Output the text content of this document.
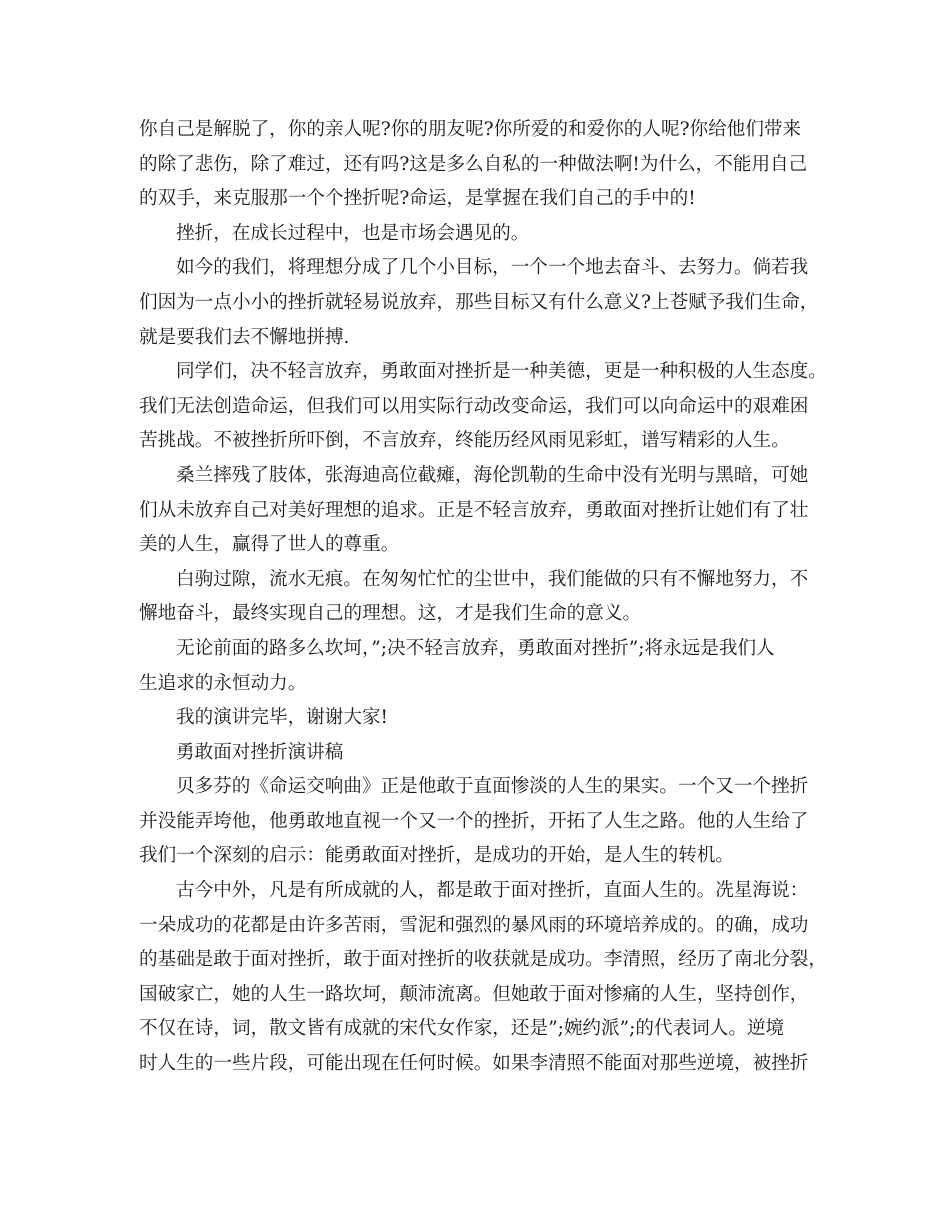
你自己是解脱了，你的亲人呢?你的朋友呢?你所爱的和爱你的人呢?你给他们带来
的除了悲伤，除了难过，还有吗?这是多么自私的一种做法啊!为什么，不能用自己
的双手，来克服那一个个挫折呢?命运，是掌握在我们自己的手中的!
挫折，在成长过程中，也是市场会遇见的。
如今的我们，将理想分成了几个小目标，一个一个地去奋斗、去努力。倘若我
们因为一点小小的挫折就轻易说放弃，那些目标又有什么意义?上苍赋予我们生命，
就是要我们去不懈地拼搏.
同学们，决不轻言放弃，勇敢面对挫折是一种美德，更是一种积极的人生态度。
我们无法创造命运，但我们可以用实际行动改变命运，我们可以向命运中的艰难困
苦挑战。不被挫折所吓倒，不言放弃，终能历经风雨见彩虹，谱写精彩的人生。
桑兰摔残了肢体，张海迪高位截瘫，海伦凯勒的生命中没有光明与黑暗，可她
们从未放弃自己对美好理想的追求。正是不轻言放弃，勇敢面对挫折让她们有了壮
美的人生，赢得了世人的尊重。
白驹过隙，流水无痕。在匆匆忙忙的尘世中，我们能做的只有不懈地努力，不
懈地奋斗，最终实现自己的理想。这，才是我们生命的意义。
无论前面的路多么坎坷，”;决不轻言放弃，勇敢面对挫折”;将永远是我们人
生追求的永恒动力。
我的演讲完毕，谢谢大家!
勇敢面对挫折演讲稿
贝多芬的《命运交响曲》正是他敢于直面惨淡的人生的果实。一个又一个挫折
并没能弄垮他，他勇敢地直视一个又一个的挫折，开拓了人生之路。他的人生给了
我们一个深刻的启示：能勇敢面对挫折，是成功的开始，是人生的转机。
古今中外，凡是有所成就的人，都是敢于面对挫折，直面人生的。冼星海说：
一朵成功的花都是由许多苦雨，雪泥和强烈的暴风雨的环境培养成的。的确，成功
的基础是敢于面对挫折，敢于面对挫折的收获就是成功。李清照，经历了南北分裂，
国破家亡，她的人生一路坎坷，颠沛流离。但她敢于面对惨痛的人生，坚持创作，
不仅在诗，词，散文皆有成就的宋代女作家，还是”;婉约派”;的代表词人。逆境
时人生的一些片段，可能出现在任何时候。如果李清照不能面对那些逆境，被挫折
